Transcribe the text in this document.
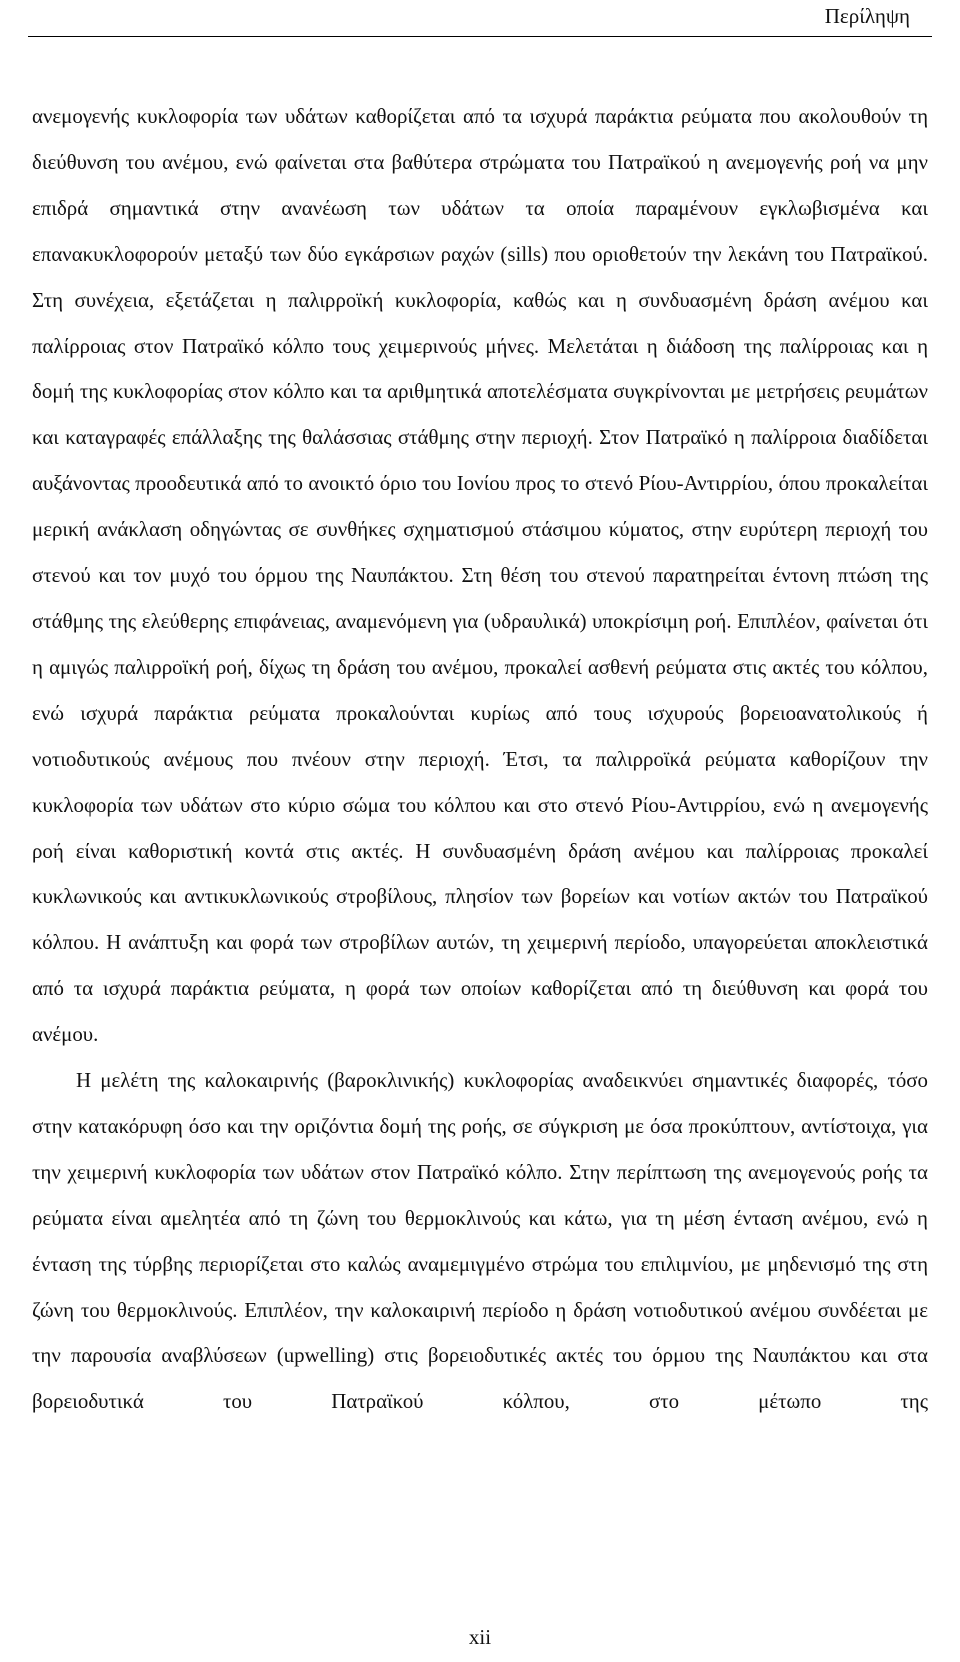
Περίληψη

ανεμογενής κυκλοφορία των υδάτων καθορίζεται από τα ισχυρά παράκτια ρεύματα που ακολουθούν τη διεύθυνση του ανέμου, ενώ φαίνεται στα βαθύτερα στρώματα του Πατραϊκού η ανεμογενής ροή να μην επιδρά σημαντικά στην ανανέωση των υδάτων τα οποία παραμένουν εγκλωβισμένα και επανακυκλοφορούν μεταξύ των δύο εγκάρσιων ραχών (sills) που οριοθετούν την λεκάνη του Πατραϊκού. Στη συνέχεια, εξετάζεται η παλιρροϊκή κυκλοφορία, καθώς και η συνδυασμένη δράση ανέμου και παλίρροιας στον Πατραϊκό κόλπο τους χειμερινούς μήνες. Μελετάται η διάδοση της παλίρροιας και η δομή της κυκλοφορίας στον κόλπο και τα αριθμητικά αποτελέσματα συγκρίνονται με μετρήσεις ρευμάτων και καταγραφές επάλλαξης της θαλάσσιας στάθμης στην περιοχή. Στον Πατραϊκό η παλίρροια διαδίδεται αυξάνοντας προοδευτικά από το ανοικτό όριο του Ιονίου προς το στενό Ρίου-Αντιρρίου, όπου προκαλείται μερική ανάκλαση οδηγώντας σε συνθήκες σχηματισμού στάσιμου κύματος, στην ευρύτερη περιοχή του στενού και τον μυχό του όρμου της Ναυπάκτου. Στη θέση του στενού παρατηρείται έντονη πτώση της στάθμης της ελεύθερης επιφάνειας, αναμενόμενη για (υδραυλικά) υποκρίσιμη ροή. Επιπλέον, φαίνεται ότι η αμιγώς παλιρροϊκή ροή, δίχως τη δράση του ανέμου, προκαλεί ασθενή ρεύματα στις ακτές του κόλπου, ενώ ισχυρά παράκτια ρεύματα προκαλούνται κυρίως από τους ισχυρούς βορειοανατολικούς ή νοτιοδυτικούς ανέμους που πνέουν στην περιοχή. Έτσι, τα παλιρροϊκά ρεύματα καθορίζουν την κυκλοφορία των υδάτων στο κύριο σώμα του κόλπου και στο στενό Ρίου-Αντιρρίου, ενώ η ανεμογενής ροή είναι καθοριστική κοντά στις ακτές. Η συνδυασμένη δράση ανέμου και παλίρροιας προκαλεί κυκλωνικούς και αντικυκλωνικούς στροβίλους, πλησίον των βορείων και νοτίων ακτών του Πατραϊκού κόλπου. Η ανάπτυξη και φορά των στροβίλων αυτών, τη χειμερινή περίοδο, υπαγορεύεται αποκλειστικά από τα ισχυρά παράκτια ρεύματα, η φορά των οποίων καθορίζεται από τη διεύθυνση και φορά του ανέμου.

Η μελέτη της καλοκαιρινής (βαροκλινικής) κυκλοφορίας αναδεικνύει σημαντικές διαφορές, τόσο στην κατακόρυφη όσο και την οριζόντια δομή της ροής, σε σύγκριση με όσα προκύπτουν, αντίστοιχα, για την χειμερινή κυκλοφορία των υδάτων στον Πατραϊκό κόλπο. Στην περίπτωση της ανεμογενούς ροής τα ρεύματα είναι αμελητέα από τη ζώνη του θερμοκλινούς και κάτω, για τη μέση ένταση ανέμου, ενώ η ένταση της τύρβης περιορίζεται στο καλώς αναμεμιγμένο στρώμα του επιλιμνίου, με μηδενισμό της στη ζώνη του θερμοκλινούς. Επιπλέον, την καλοκαιρινή περίοδο η δράση νοτιοδυτικού ανέμου συνδέεται με την παρουσία αναβλύσεων (upwelling) στις βορειοδυτικές ακτές του όρμου της Ναυπάκτου και στα βορειοδυτικά του Πατραϊκού κόλπου, στο μέτωπο της

xii
